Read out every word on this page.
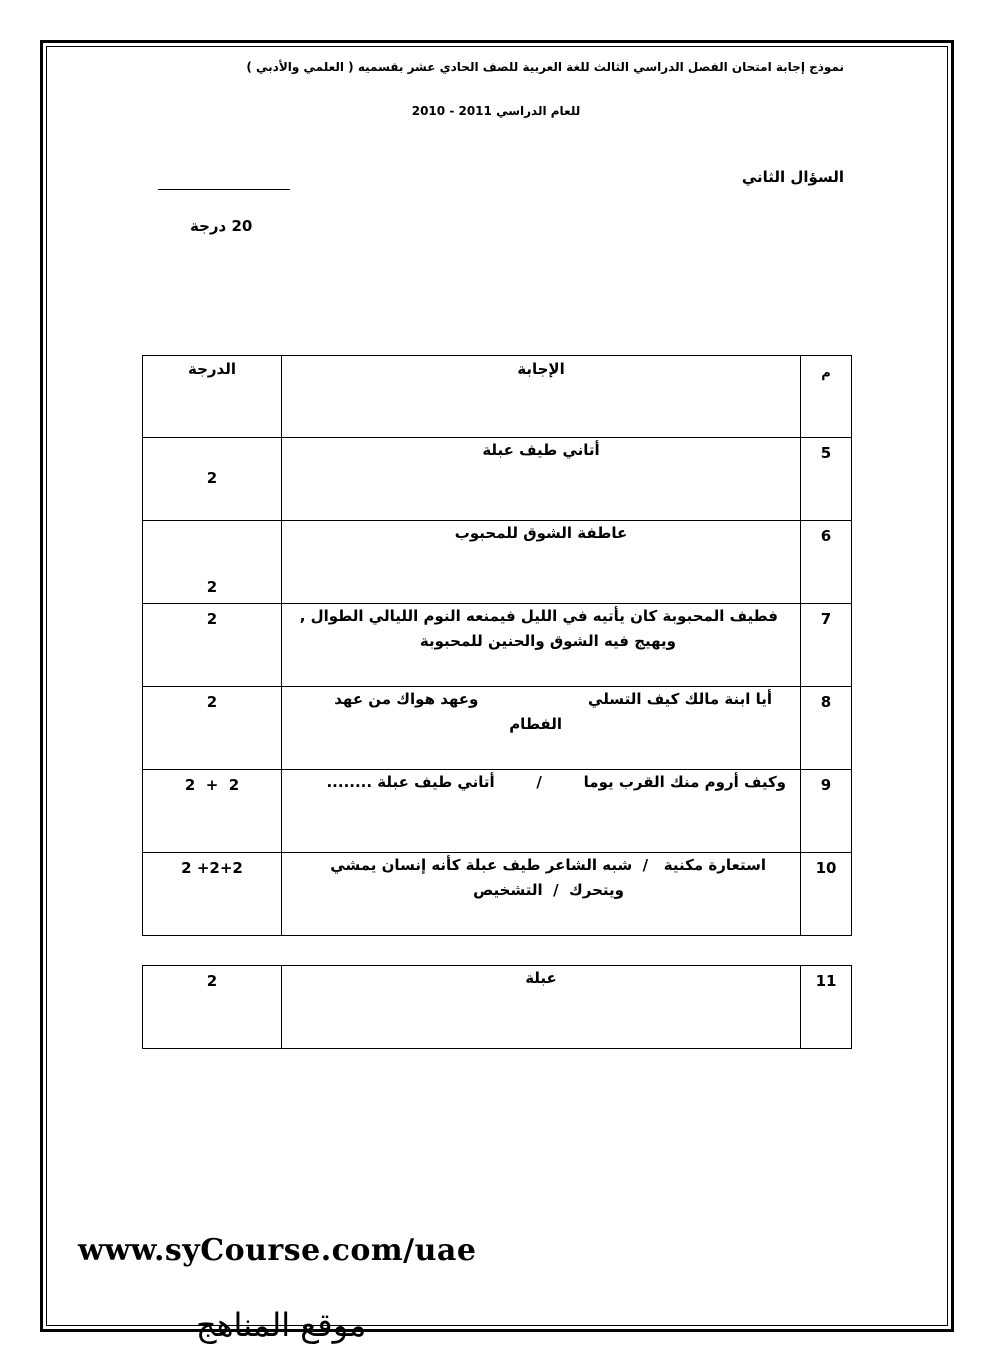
نموذج إجابة امتحان الفصل الدراسي الثالث للغة العربية للصف الحادي عشر بقسميه ( العلمي والأدبي )
للعام الدراسي 2011 - 2010
السؤال الثاني
20 درجة
الدرجة	الإجابة	م

2	أتاني طيف عبلة	5

2	عاطفة الشوق للمحبوب	6

2	فطيف المحبوبة كان يأتيه في الليل فيمنعه النوم الليالي الطوال ,
ويهيج فيه الشوق والحنين للمحبوبة	7

2	أيا ابنة مالك كيف التسلي                     وعهد هواك من عهد
الفطام	8

2  +  2	وكيف أروم منك القرب يوما        /        أتاني طيف عبلة ........	9

2 +2+2	استعارة مكنية   /  شبه الشاعر طيف عبلة كأنه إنسان يمشي
ويتحرك  /  التشخيص	10
2	عبلة	11
www.syCourse.com/uae
موقع المناهج
